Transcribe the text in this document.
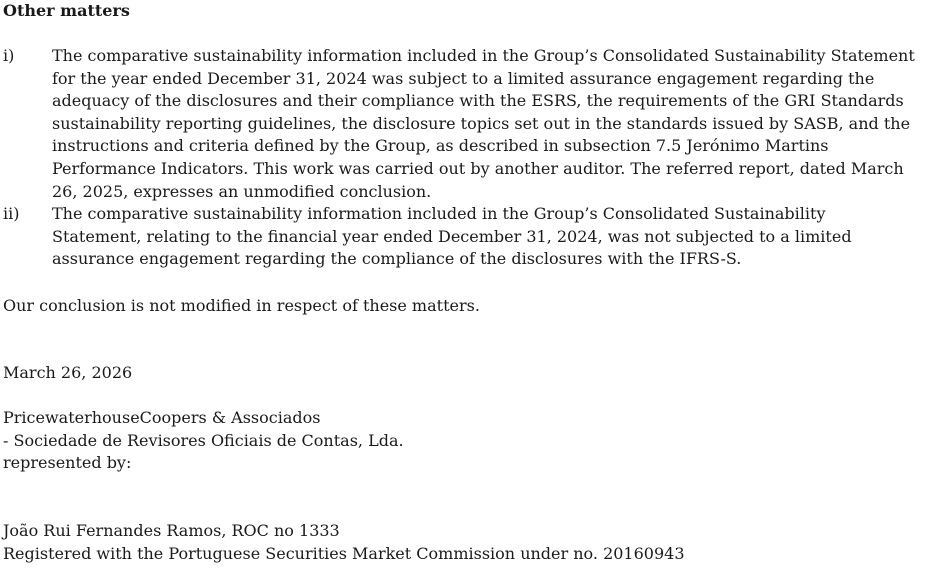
Other matters
i) The comparative sustainability information included in the Group’s Consolidated Sustainability Statement for the year ended December 31, 2024 was subject to a limited assurance engagement regarding the adequacy of the disclosures and their compliance with the ESRS, the requirements of the GRI Standards sustainability reporting guidelines, the disclosure topics set out in the standards issued by SASB, and the instructions and criteria defined by the Group, as described in subsection 7.5 Jerónimo Martins Performance Indicators. This work was carried out by another auditor. The referred report, dated March 26, 2025, expresses an unmodified conclusion.
ii) The comparative sustainability information included in the Group’s Consolidated Sustainability Statement, relating to the financial year ended December 31, 2024, was not subjected to a limited assurance engagement regarding the compliance of the disclosures with the IFRS-S.
Our conclusion is not modified in respect of these matters.
March 26, 2026
PricewaterhouseCoopers & Associados
- Sociedade de Revisores Oficiais de Contas, Lda.
represented by:
João Rui Fernandes Ramos, ROC no 1333
Registered with the Portuguese Securities Market Commission under no. 20160943
